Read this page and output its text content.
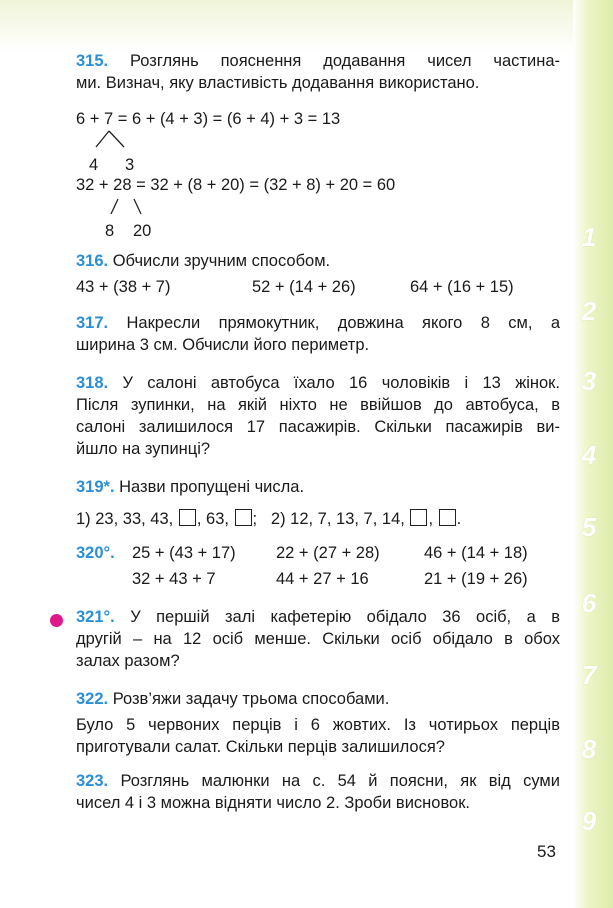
1
2
3
4
5
6
7
8
9

315. Розглянь пояснення додавання чисел частина-

ми. Визнач, яку властивість додавання використано.

6 + 7 = 6 + (4 + 3) = (6 + 4) + 3 = 13
4 3
32 + 28 = 32 + (8 + 20) = (32 + 8) + 20 = 60
8 20

316. Обчисли зручним способом.

43 + (38 + 7)	52 + (14 + 26)	64 + (16 + 15)

317. Накресли прямокутник, довжина якого 8 см, а

ширина 3 см. Обчисли його периметр.

318. У салоні автобуса їхало 16 чоловіків і 13 жінок.

Після зупинки, на якій ніхто не ввійшов до автобуса, в

салоні залишилося 17 пасажирів. Скільки пасажирів ви-

йшло на зупинці?

319*. Назви пропущені числа.

1) 23, 33, 43, , 63, ; 2) 12, 7, 13, 7, 14, , .
320°.	25 + (43 + 17)	22 + (27 + 28)	46 + (14 + 18)
32 + 43 + 7	44 + 27 + 16	21 + (19 + 26)

321°. У першій залі кафетерію обідало 36 осіб, а в

другій – на 12 осіб менше. Скільки осіб обідало в обох

залах разом?

322. Розв’яжи задачу трьома способами.

Було 5 червоних перців і 6 жовтих. Із чотирьох перців

приготували салат. Скільки перців залишилося?

323. Розглянь малюнки на с. 54 й поясни, як від суми

чисел 4 і 3 можна відняти число 2. Зроби висновок.

53
